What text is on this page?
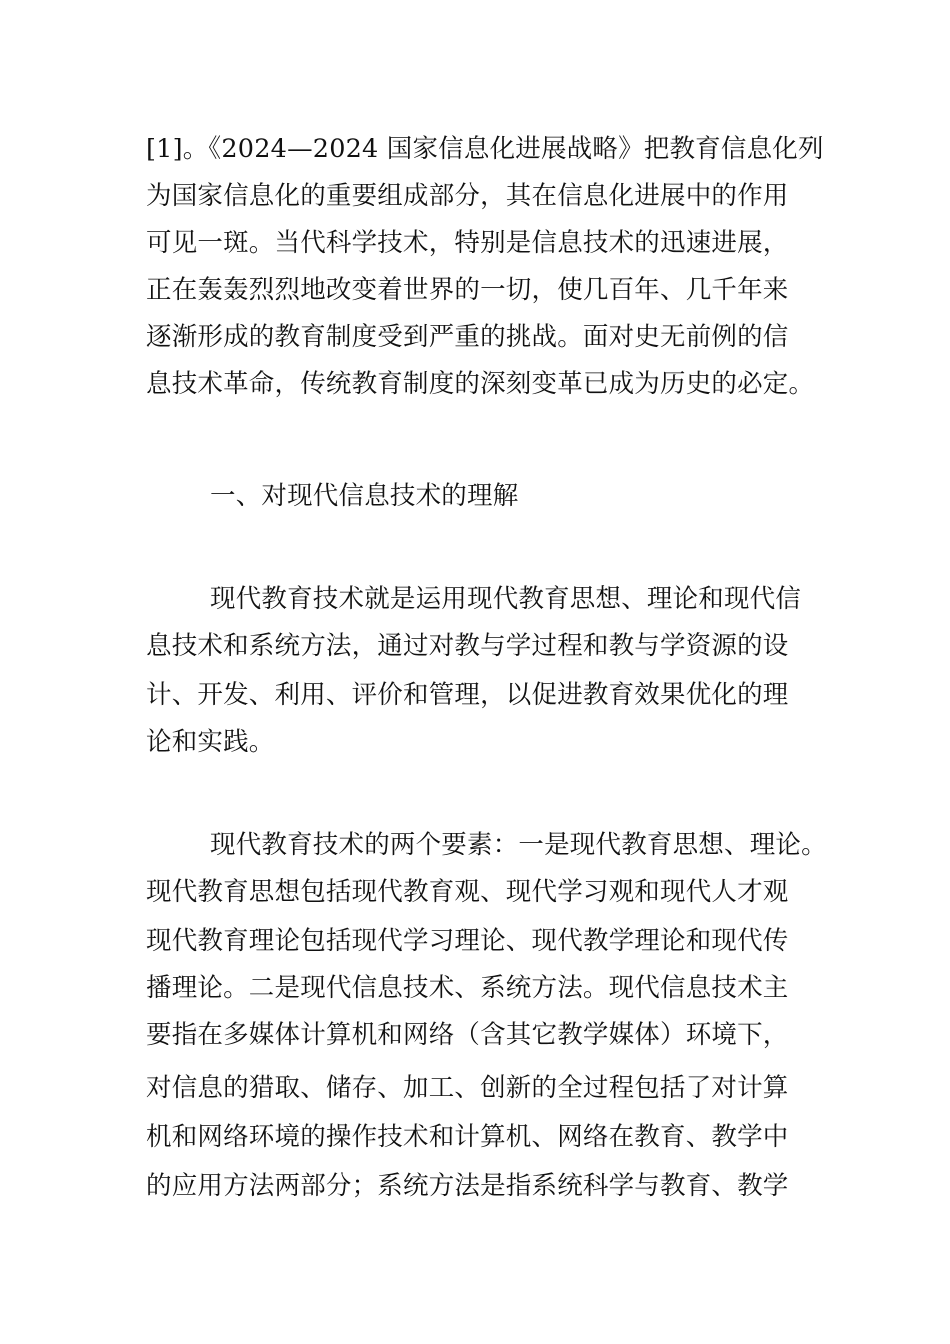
[1]。《2024—2024 国家信息化进展战略》把教育信息化列
为国家信息化的重要组成部分，其在信息化进展中的作用
可见一斑。当代科学技术，特别是信息技术的迅速进展，
正在轰轰烈烈地改变着世界的一切，使几百年、几千年来
逐渐形成的教育制度受到严重的挑战。面对史无前例的信
息技术革命，传统教育制度的深刻变革已成为历史的必定。
一、对现代信息技术的理解
现代教育技术就是运用现代教育思想、理论和现代信
息技术和系统方法，通过对教与学过程和教与学资源的设
计、开发、利用、评价和管理，以促进教育效果优化的理
论和实践。
现代教育技术的两个要素：一是现代教育思想、理论。
现代教育思想包括现代教育观、现代学习观和现代人才观
现代教育理论包括现代学习理论、现代教学理论和现代传
播理论。二是现代信息技术、系统方法。现代信息技术主
要指在多媒体计算机和网络（含其它教学媒体）环境下，
对信息的猎取、储存、加工、创新的全过程包括了对计算
机和网络环境的操作技术和计算机、网络在教育、教学中
的应用方法两部分；系统方法是指系统科学与教育、教学
